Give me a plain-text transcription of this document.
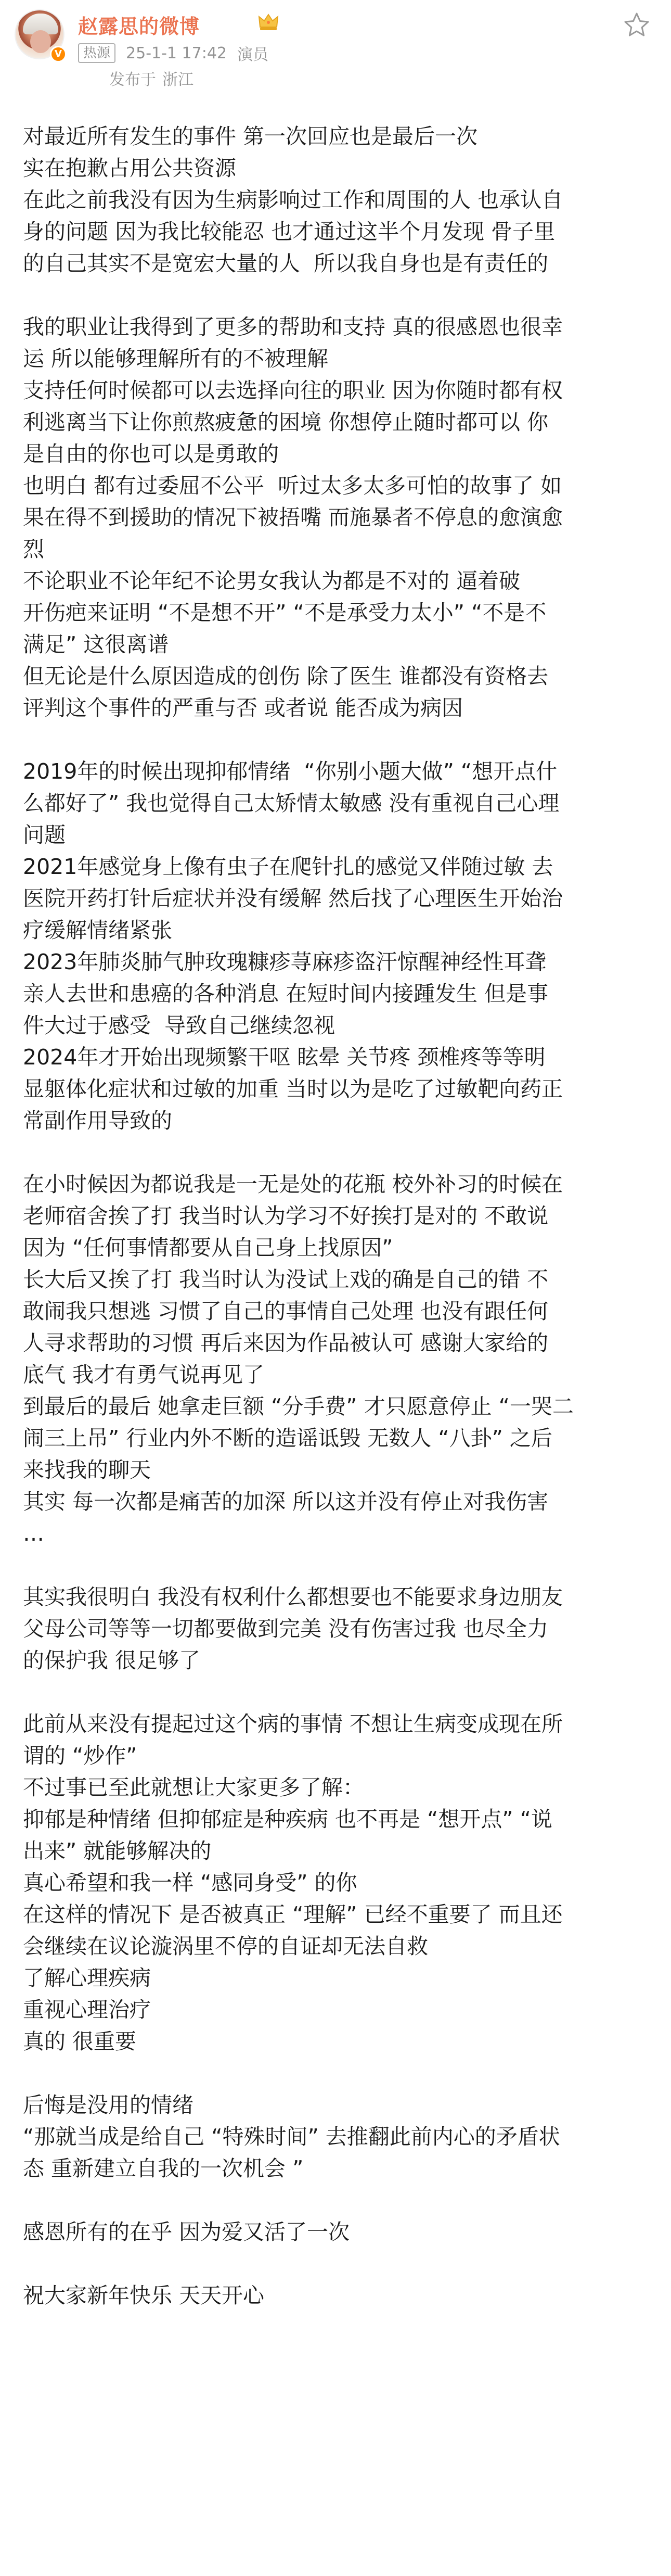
V
赵露思的微博
热源	25-1-1 17:42 演员
发布于 浙江
对最近所有发生的事件 第一次回应也是最后一次
实在抱歉占用公共资源
在此之前我没有因为生病影响过工作和周围的人 也承认自
身的问题 因为我比较能忍 也才通过这半个月发现 骨子里
的自己其实不是宽宏大量的人  所以我自身也是有责任的
我的职业让我得到了更多的帮助和支持 真的很感恩也很幸
运 所以能够理解所有的不被理解
支持任何时候都可以去选择向往的职业 因为你随时都有权
利逃离当下让你煎熬疲惫的困境 你想停止随时都可以 你
是自由的你也可以是勇敢的
也明白 都有过委屈不公平  听过太多太多可怕的故事了 如
果在得不到援助的情况下被捂嘴 而施暴者不停息的愈演愈
烈
不论职业不论年纪不论男女我认为都是不对的 逼着破
开伤疤来证明 “不是想不开” “不是承受力太小” “不是不
满足” 这很离谱
但无论是什么原因造成的创伤 除了医生 谁都没有资格去
评判这个事件的严重与否 或者说 能否成为病因
2019年的时候出现抑郁情绪  “你别小题大做” “想开点什
么都好了” 我也觉得自己太矫情太敏感 没有重视自己心理
问题
2021年感觉身上像有虫子在爬针扎的感觉又伴随过敏 去
医院开药打针后症状并没有缓解 然后找了心理医生开始治
疗缓解情绪紧张
2023年肺炎肺气肿玫瑰糠疹荨麻疹盗汗惊醒神经性耳聋
亲人去世和患癌的各种消息 在短时间内接踵发生 但是事
件大过于感受  导致自己继续忽视
2024年才开始出现频繁干呕 眩晕 关节疼 颈椎疼等等明
显躯体化症状和过敏的加重 当时以为是吃了过敏靶向药正
常副作用导致的
在小时候因为都说我是一无是处的花瓶 校外补习的时候在
老师宿舍挨了打 我当时认为学习不好挨打是对的 不敢说
因为 “任何事情都要从自己身上找原因”
长大后又挨了打 我当时认为没试上戏的确是自己的错 不
敢闹我只想逃 习惯了自己的事情自己处理 也没有跟任何
人寻求帮助的习惯 再后来因为作品被认可 感谢大家给的
底气 我才有勇气说再见了
到最后的最后 她拿走巨额 “分手费” 才只愿意停止 “一哭二
闹三上吊” 行业内外不断的造谣诋毁 无数人 “八卦” 之后
来找我的聊天
其实 每一次都是痛苦的加深 所以这并没有停止对我伤害
…
其实我很明白 我没有权利什么都想要也不能要求身边朋友
父母公司等等一切都要做到完美 没有伤害过我 也尽全力
的保护我 很足够了
此前从来没有提起过这个病的事情 不想让生病变成现在所
谓的 “炒作”
不过事已至此就想让大家更多了解：
抑郁是种情绪 但抑郁症是种疾病 也不再是 “想开点” “说
出来” 就能够解决的
真心希望和我一样 “感同身受” 的你
在这样的情况下 是否被真正 “理解” 已经不重要了 而且还
会继续在议论漩涡里不停的自证却无法自救
了解心理疾病
重视心理治疗
真的 很重要
后悔是没用的情绪
“那就当成是给自己 “特殊时间” 去推翻此前内心的矛盾状
态 重新建立自我的一次机会 ”
感恩所有的在乎 因为爱又活了一次
祝大家新年快乐 天天开心
